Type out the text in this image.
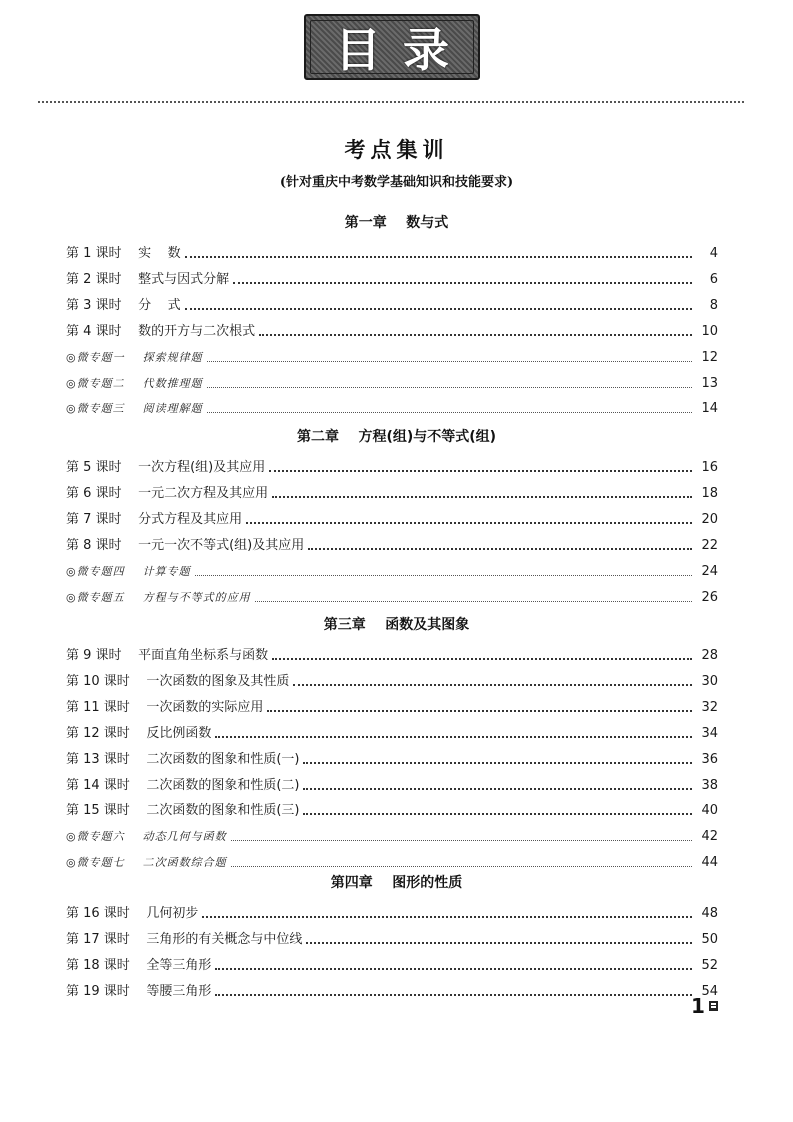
目 录
考点集训
(针对重庆中考数学基础知识和技能要求)
第一章    数与式
第 1 课时    实    数	4
第 2 课时    整式与因式分解	6
第 3 课时    分    式	8
第 4 课时    数的开方与二次根式	10
◎微专题一    探索规律题	12
◎微专题二    代数推理题	13
◎微专题三    阅读理解题	14
第二章    方程(组)与不等式(组)
第 5 课时    一次方程(组)及其应用	16
第 6 课时    一元二次方程及其应用	18
第 7 课时    分式方程及其应用	20
第 8 课时    一元一次不等式(组)及其应用	22
◎微专题四    计算专题	24
◎微专题五    方程与不等式的应用	26
第三章    函数及其图象
第 9 课时    平面直角坐标系与函数	28
第 10 课时    一次函数的图象及其性质	30
第 11 课时    一次函数的实际应用	32
第 12 课时    反比例函数	34
第 13 课时    二次函数的图象和性质(一)	36
第 14 课时    二次函数的图象和性质(二)	38
第 15 课时    二次函数的图象和性质(三)	40
◎微专题六    动态几何与函数	42
◎微专题七    二次函数综合题	44
第四章    图形的性质
第 16 课时    几何初步	48
第 17 课时    三角形的有关概念与中位线	50
第 18 课时    全等三角形	52
第 19 课时    等腰三角形	54
1
